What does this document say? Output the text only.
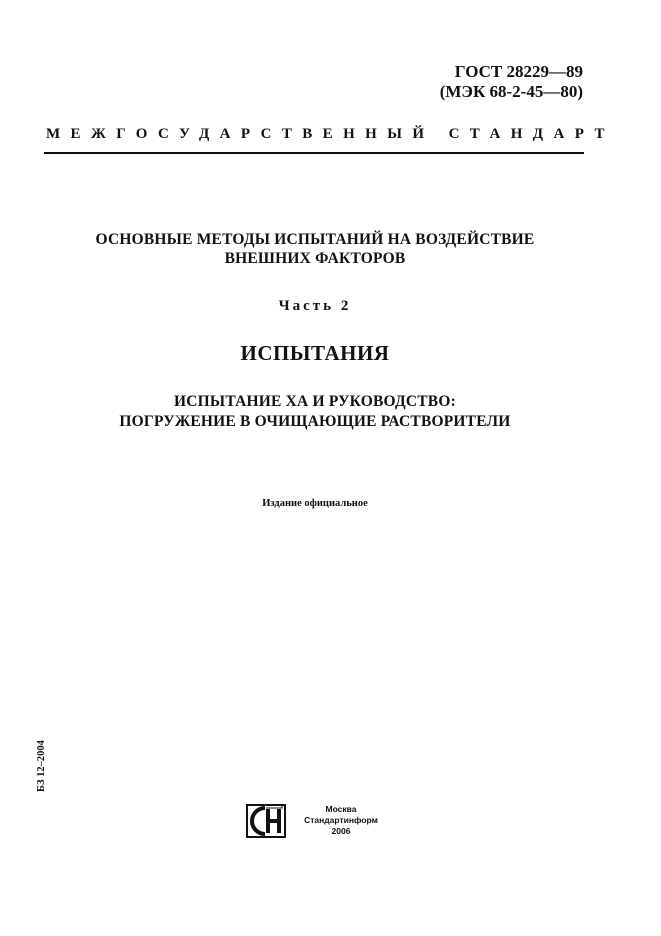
ГОСТ 28229—89
(МЭК 68-2-45—80)
МЕЖГОСУДАРСТВЕННЫЙ СТАНДАРТ
ОСНОВНЫЕ МЕТОДЫ ИСПЫТАНИЙ НА ВОЗДЕЙСТВИЕ
ВНЕШНИХ ФАКТОРОВ
Часть 2
ИСПЫТАНИЯ
ИСПЫТАНИЕ ХА И РУКОВОДСТВО:
ПОГРУЖЕНИЕ В ОЧИЩАЮЩИЕ РАСТВОРИТЕЛИ
Издание официальное
БЗ 12–2004
Москва
Стандартинформ
2006
